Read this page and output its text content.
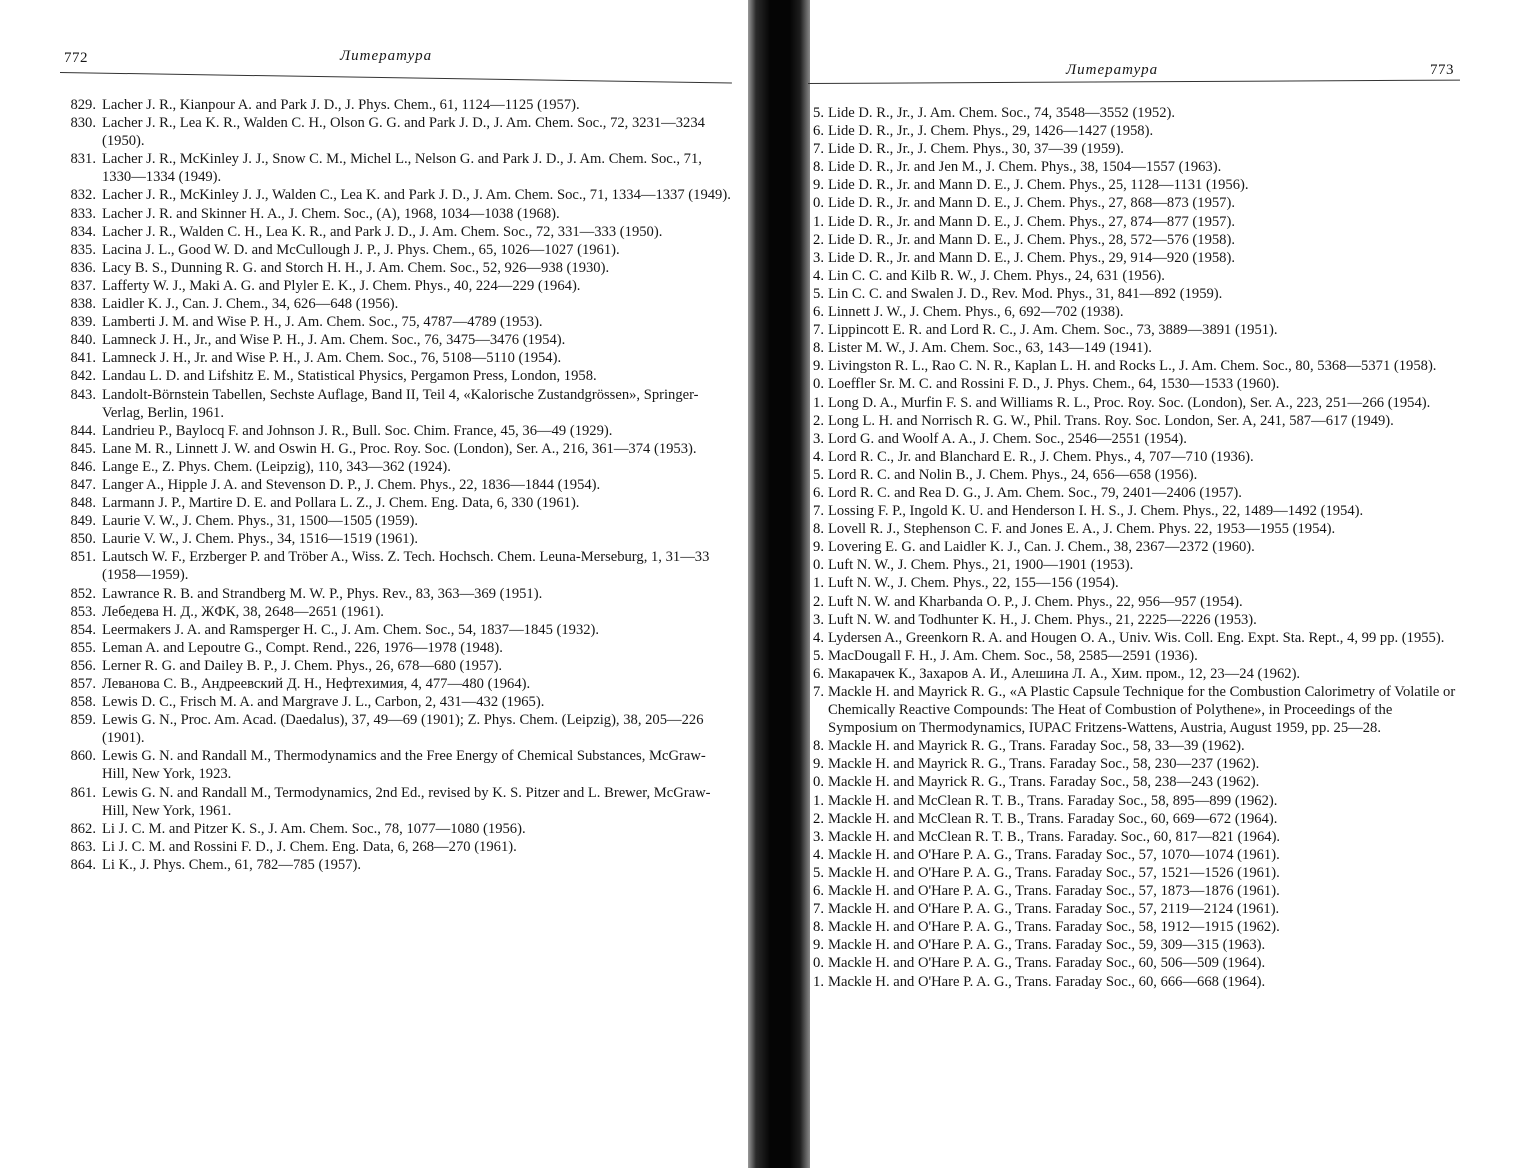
772	Литература
829. Lacher J. R., Kianpour A. and Park J. D., J. Phys. Chem., 61, 1124—1125 (1957).
830. Lacher J. R., Lea K. R., Walden C. H., Olson G. G. and Park J. D., J. Am. Chem. Soc., 72, 3231—3234 (1950).
831. Lacher J. R., McKinley J. J., Snow C. M., Michel L., Nelson G. and Park J. D., J. Am. Chem. Soc., 71, 1330—1334 (1949).
832. Lacher J. R., McKinley J. J., Walden C., Lea K. and Park J. D., J. Am. Chem. Soc., 71, 1334—1337 (1949).
833. Lacher J. R. and Skinner H. A., J. Chem. Soc., (A), 1968, 1034—1038 (1968).
834. Lacher J. R., Walden C. H., Lea K. R., and Park J. D., J. Am. Chem. Soc., 72, 331—333 (1950).
835. Lacina J. L., Good W. D. and McCullough J. P., J. Phys. Chem., 65, 1026—1027 (1961).
836. Lacy B. S., Dunning R. G. and Storch H. H., J. Am. Chem. Soc., 52, 926—938 (1930).
837. Lafferty W. J., Maki A. G. and Plyler E. K., J. Chem. Phys., 40, 224—229 (1964).
838. Laidler K. J., Can. J. Chem., 34, 626—648 (1956).
839. Lamberti J. M. and Wise P. H., J. Am. Chem. Soc., 75, 4787—4789 (1953).
840. Lamneck J. H., Jr., and Wise P. H., J. Am. Chem. Soc., 76, 3475—3476 (1954).
841. Lamneck J. H., Jr. and Wise P. H., J. Am. Chem. Soc., 76, 5108—5110 (1954).
842. Landau L. D. and Lifshitz E. M., Statistical Physics, Pergamon Press, London, 1958.
843. Landolt-Börnstein Tabellen, Sechste Auflage, Band II, Teil 4, «Kalorische Zustandgrössen», Springer-Verlag, Berlin, 1961.
844. Landrieu P., Baylocq F. and Johnson J. R., Bull. Soc. Chim. France, 45, 36—49 (1929).
845. Lane M. R., Linnett J. W. and Oswin H. G., Proc. Roy. Soc. (London), Ser. A., 216, 361—374 (1953).
846. Lange E., Z. Phys. Chem. (Leipzig), 110, 343—362 (1924).
847. Langer A., Hipple J. A. and Stevenson D. P., J. Chem. Phys., 22, 1836—1844 (1954).
848. Larmann J. P., Martire D. E. and Pollara L. Z., J. Chem. Eng. Data, 6, 330 (1961).
849. Laurie V. W., J. Chem. Phys., 31, 1500—1505 (1959).
850. Laurie V. W., J. Chem. Phys., 34, 1516—1519 (1961).
851. Lautsch W. F., Erzberger P. and Tröber A., Wiss. Z. Tech. Hochsch. Chem. Leuna-Merseburg, 1, 31—33 (1958—1959).
852. Lawrance R. B. and Strandberg M. W. P., Phys. Rev., 83, 363—369 (1951).
853. Лебедева Н. Д., ЖФК, 38, 2648—2651 (1961).
854. Leermakers J. A. and Ramsperger H. C., J. Am. Chem. Soc., 54, 1837—1845 (1932).
855. Leman A. and Lepoutre G., Compt. Rend., 226, 1976—1978 (1948).
856. Lerner R. G. and Dailey B. P., J. Chem. Phys., 26, 678—680 (1957).
857. Леванова С. В., Андреевский Д. Н., Нефтехимия, 4, 477—480 (1964).
858. Lewis D. C., Frisch M. A. and Margrave J. L., Carbon, 2, 431—432 (1965).
859. Lewis G. N., Proc. Am. Acad. (Daedalus), 37, 49—69 (1901); Z. Phys. Chem. (Leipzig), 38, 205—226 (1901).
860. Lewis G. N. and Randall M., Thermodynamics and the Free Energy of Chemical Substances, McGraw-Hill, New York, 1923.
861. Lewis G. N. and Randall M., Termodynamics, 2nd Ed., revised by K. S. Pitzer and L. Brewer, McGraw-Hill, New York, 1961.
862. Li J. C. M. and Pitzer K. S., J. Am. Chem. Soc., 78, 1077—1080 (1956).
863. Li J. C. M. and Rossini F. D., J. Chem. Eng. Data, 6, 268—270 (1961).
864. Li K., J. Phys. Chem., 61, 782—785 (1957).
Литература	773
5. Lide D. R., Jr., J. Am. Chem. Soc., 74, 3548—3552 (1952).
6. Lide D. R., Jr., J. Chem. Phys., 29, 1426—1427 (1958).
7. Lide D. R., Jr., J. Chem. Phys., 30, 37—39 (1959).
8. Lide D. R., Jr. and Jen M., J. Chem. Phys., 38, 1504—1557 (1963).
9. Lide D. R., Jr. and Mann D. E., J. Chem. Phys., 25, 1128—1131 (1956).
0. Lide D. R., Jr. and Mann D. E., J. Chem. Phys., 27, 868—873 (1957).
1. Lide D. R., Jr. and Mann D. E., J. Chem. Phys., 27, 874—877 (1957).
2. Lide D. R., Jr. and Mann D. E., J. Chem. Phys., 28, 572—576 (1958).
3. Lide D. R., Jr. and Mann D. E., J. Chem. Phys., 29, 914—920 (1958).
4. Lin C. C. and Kilb R. W., J. Chem. Phys., 24, 631 (1956).
5. Lin C. C. and Swalen J. D., Rev. Mod. Phys., 31, 841—892 (1959).
6. Linnett J. W., J. Chem. Phys., 6, 692—702 (1938).
7. Lippincott E. R. and Lord R. C., J. Am. Chem. Soc., 73, 3889—3891 (1951).
8. Lister M. W., J. Am. Chem. Soc., 63, 143—149 (1941).
9. Livingston R. L., Rao C. N. R., Kaplan L. H. and Rocks L., J. Am. Chem. Soc., 80, 5368—5371 (1958).
0. Loeffler Sr. M. C. and Rossini F. D., J. Phys. Chem., 64, 1530—1533 (1960).
1. Long D. A., Murfin F. S. and Williams R. L., Proc. Roy. Soc. (London), Ser. A., 223, 251—266 (1954).
2. Long L. H. and Norrisch R. G. W., Phil. Trans. Roy. Soc. London, Ser. A, 241, 587—617 (1949).
3. Lord G. and Woolf A. A., J. Chem. Soc., 2546—2551 (1954).
4. Lord R. C., Jr. and Blanchard E. R., J. Chem. Phys., 4, 707—710 (1936).
5. Lord R. C. and Nolin B., J. Chem. Phys., 24, 656—658 (1956).
6. Lord R. C. and Rea D. G., J. Am. Chem. Soc., 79, 2401—2406 (1957).
7. Lossing F. P., Ingold K. U. and Henderson I. H. S., J. Chem. Phys., 22, 1489—1492 (1954).
8. Lovell R. J., Stephenson C. F. and Jones E. A., J. Chem. Phys. 22, 1953—1955 (1954).
9. Lovering E. G. and Laidler K. J., Can. J. Chem., 38, 2367—2372 (1960).
0. Luft N. W., J. Chem. Phys., 21, 1900—1901 (1953).
1. Luft N. W., J. Chem. Phys., 22, 155—156 (1954).
2. Luft N. W. and Kharbanda O. P., J. Chem. Phys., 22, 956—957 (1954).
3. Luft N. W. and Todhunter K. H., J. Chem. Phys., 21, 2225—2226 (1953).
4. Lydersen A., Greenkorn R. A. and Hougen O. A., Univ. Wis. Coll. Eng. Expt. Sta. Rept., 4, 99 pp. (1955).
5. MacDougall F. H., J. Am. Chem. Soc., 58, 2585—2591 (1936).
6. Макарачек К., Захаров А. И., Алешина Л. А., Хим. пром., 12, 23—24 (1962).
7. Mackle H. and Mayrick R. G., «A Plastic Capsule Technique for the Combustion Calorimetry of Volatile or Chemically Reactive Compounds: The Heat of Combustion of Polythene», in Proceedings of the Symposium on Thermodynamics, IUPAC Fritzens-Wattens, Austria, August 1959, pp. 25—28.
8. Mackle H. and Mayrick R. G., Trans. Faraday Soc., 58, 33—39 (1962).
9. Mackle H. and Mayrick R. G., Trans. Faraday Soc., 58, 230—237 (1962).
0. Mackle H. and Mayrick R. G., Trans. Faraday Soc., 58, 238—243 (1962).
1. Mackle H. and McClean R. T. B., Trans. Faraday Soc., 58, 895—899 (1962).
2. Mackle H. and McClean R. T. B., Trans. Faraday Soc., 60, 669—672 (1964).
3. Mackle H. and McClean R. T. B., Trans. Faraday. Soc., 60, 817—821 (1964).
4. Mackle H. and O'Hare P. A. G., Trans. Faraday Soc., 57, 1070—1074 (1961).
5. Mackle H. and O'Hare P. A. G., Trans. Faraday Soc., 57, 1521—1526 (1961).
6. Mackle H. and O'Hare P. A. G., Trans. Faraday Soc., 57, 1873—1876 (1961).
7. Mackle H. and O'Hare P. A. G., Trans. Faraday Soc., 57, 2119—2124 (1961).
8. Mackle H. and O'Hare P. A. G., Trans. Faraday Soc., 58, 1912—1915 (1962).
9. Mackle H. and O'Hare P. A. G., Trans. Faraday Soc., 59, 309—315 (1963).
0. Mackle H. and O'Hare P. A. G., Trans. Faraday Soc., 60, 506—509 (1964).
1. Mackle H. and O'Hare P. A. G., Trans. Faraday Soc., 60, 666—668 (1964).
